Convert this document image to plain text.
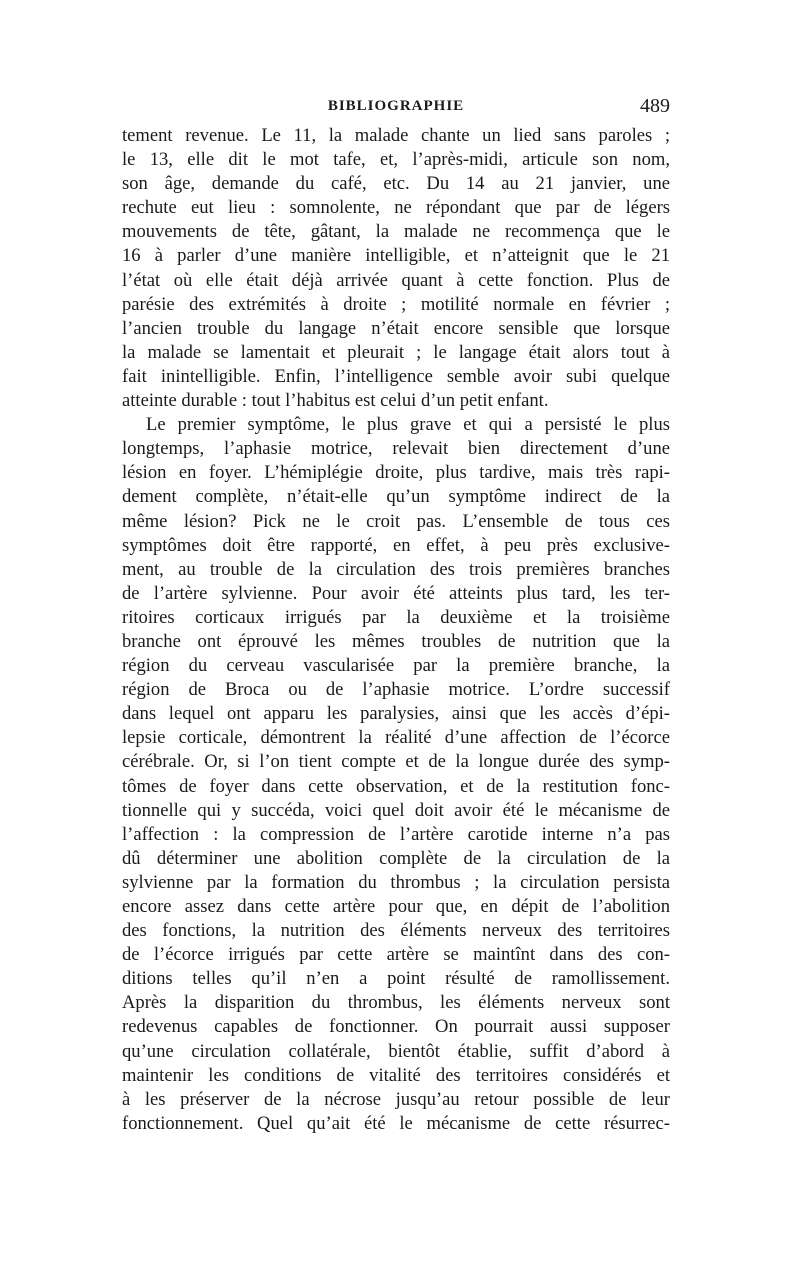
BIBLIOGRAPHIE	489
tement revenue. Le 11, la malade chante un lied sans paroles ;
le 13, elle dit le mot tafe, et, l’après-midi, articule son nom,
son âge, demande du café, etc. Du 14 au 21 janvier, une
rechute eut lieu : somnolente, ne répondant que par de légers
mouvements de tête, gâtant, la malade ne recommença que le
16 à parler d’une manière intelligible, et n’atteignit que le 21
l’état où elle était déjà arrivée quant à cette fonction. Plus de
parésie des extrémités à droite ; motilité normale en février ;
l’ancien trouble du langage n’était encore sensible que lorsque
la malade se lamentait et pleurait ; le langage était alors tout à
fait inintelligible. Enfin, l’intelligence semble avoir subi quelque
atteinte durable : tout l’habitus est celui d’un petit enfant.
Le premier symptôme, le plus grave et qui a persisté le plus
longtemps, l’aphasie motrice, relevait bien directement d’une
lésion en foyer. L’hémiplégie droite, plus tardive, mais très rapi-
dement complète, n’était-elle qu’un symptôme indirect de la
même lésion? Pick ne le croit pas. L’ensemble de tous ces
symptômes doit être rapporté, en effet, à peu près exclusive-
ment, au trouble de la circulation des trois premières branches
de l’artère sylvienne. Pour avoir été atteints plus tard, les ter-
ritoires corticaux irrigués par la deuxième et la troisième
branche ont éprouvé les mêmes troubles de nutrition que la
région du cerveau vascularisée par la première branche, la
région de Broca ou de l’aphasie motrice. L’ordre successif
dans lequel ont apparu les paralysies, ainsi que les accès d’épi-
lepsie corticale, démontrent la réalité d’une affection de l’écorce
cérébrale. Or, si l’on tient compte et de la longue durée des symp-
tômes de foyer dans cette observation, et de la restitution fonc-
tionnelle qui y succéda, voici quel doit avoir été le mécanisme de
l’affection : la compression de l’artère carotide interne n’a pas
dû déterminer une abolition complète de la circulation de la
sylvienne par la formation du thrombus ; la circulation persista
encore assez dans cette artère pour que, en dépit de l’abolition
des fonctions, la nutrition des éléments nerveux des territoires
de l’écorce irrigués par cette artère se maintînt dans des con-
ditions telles qu’il n’en a point résulté de ramollissement.
Après la disparition du thrombus, les éléments nerveux sont
redevenus capables de fonctionner. On pourrait aussi supposer
qu’une circulation collatérale, bientôt établie, suffit d’abord à
maintenir les conditions de vitalité des territoires considérés et
à les préserver de la nécrose jusqu’au retour possible de leur
fonctionnement. Quel qu’ait été le mécanisme de cette résurrec-
